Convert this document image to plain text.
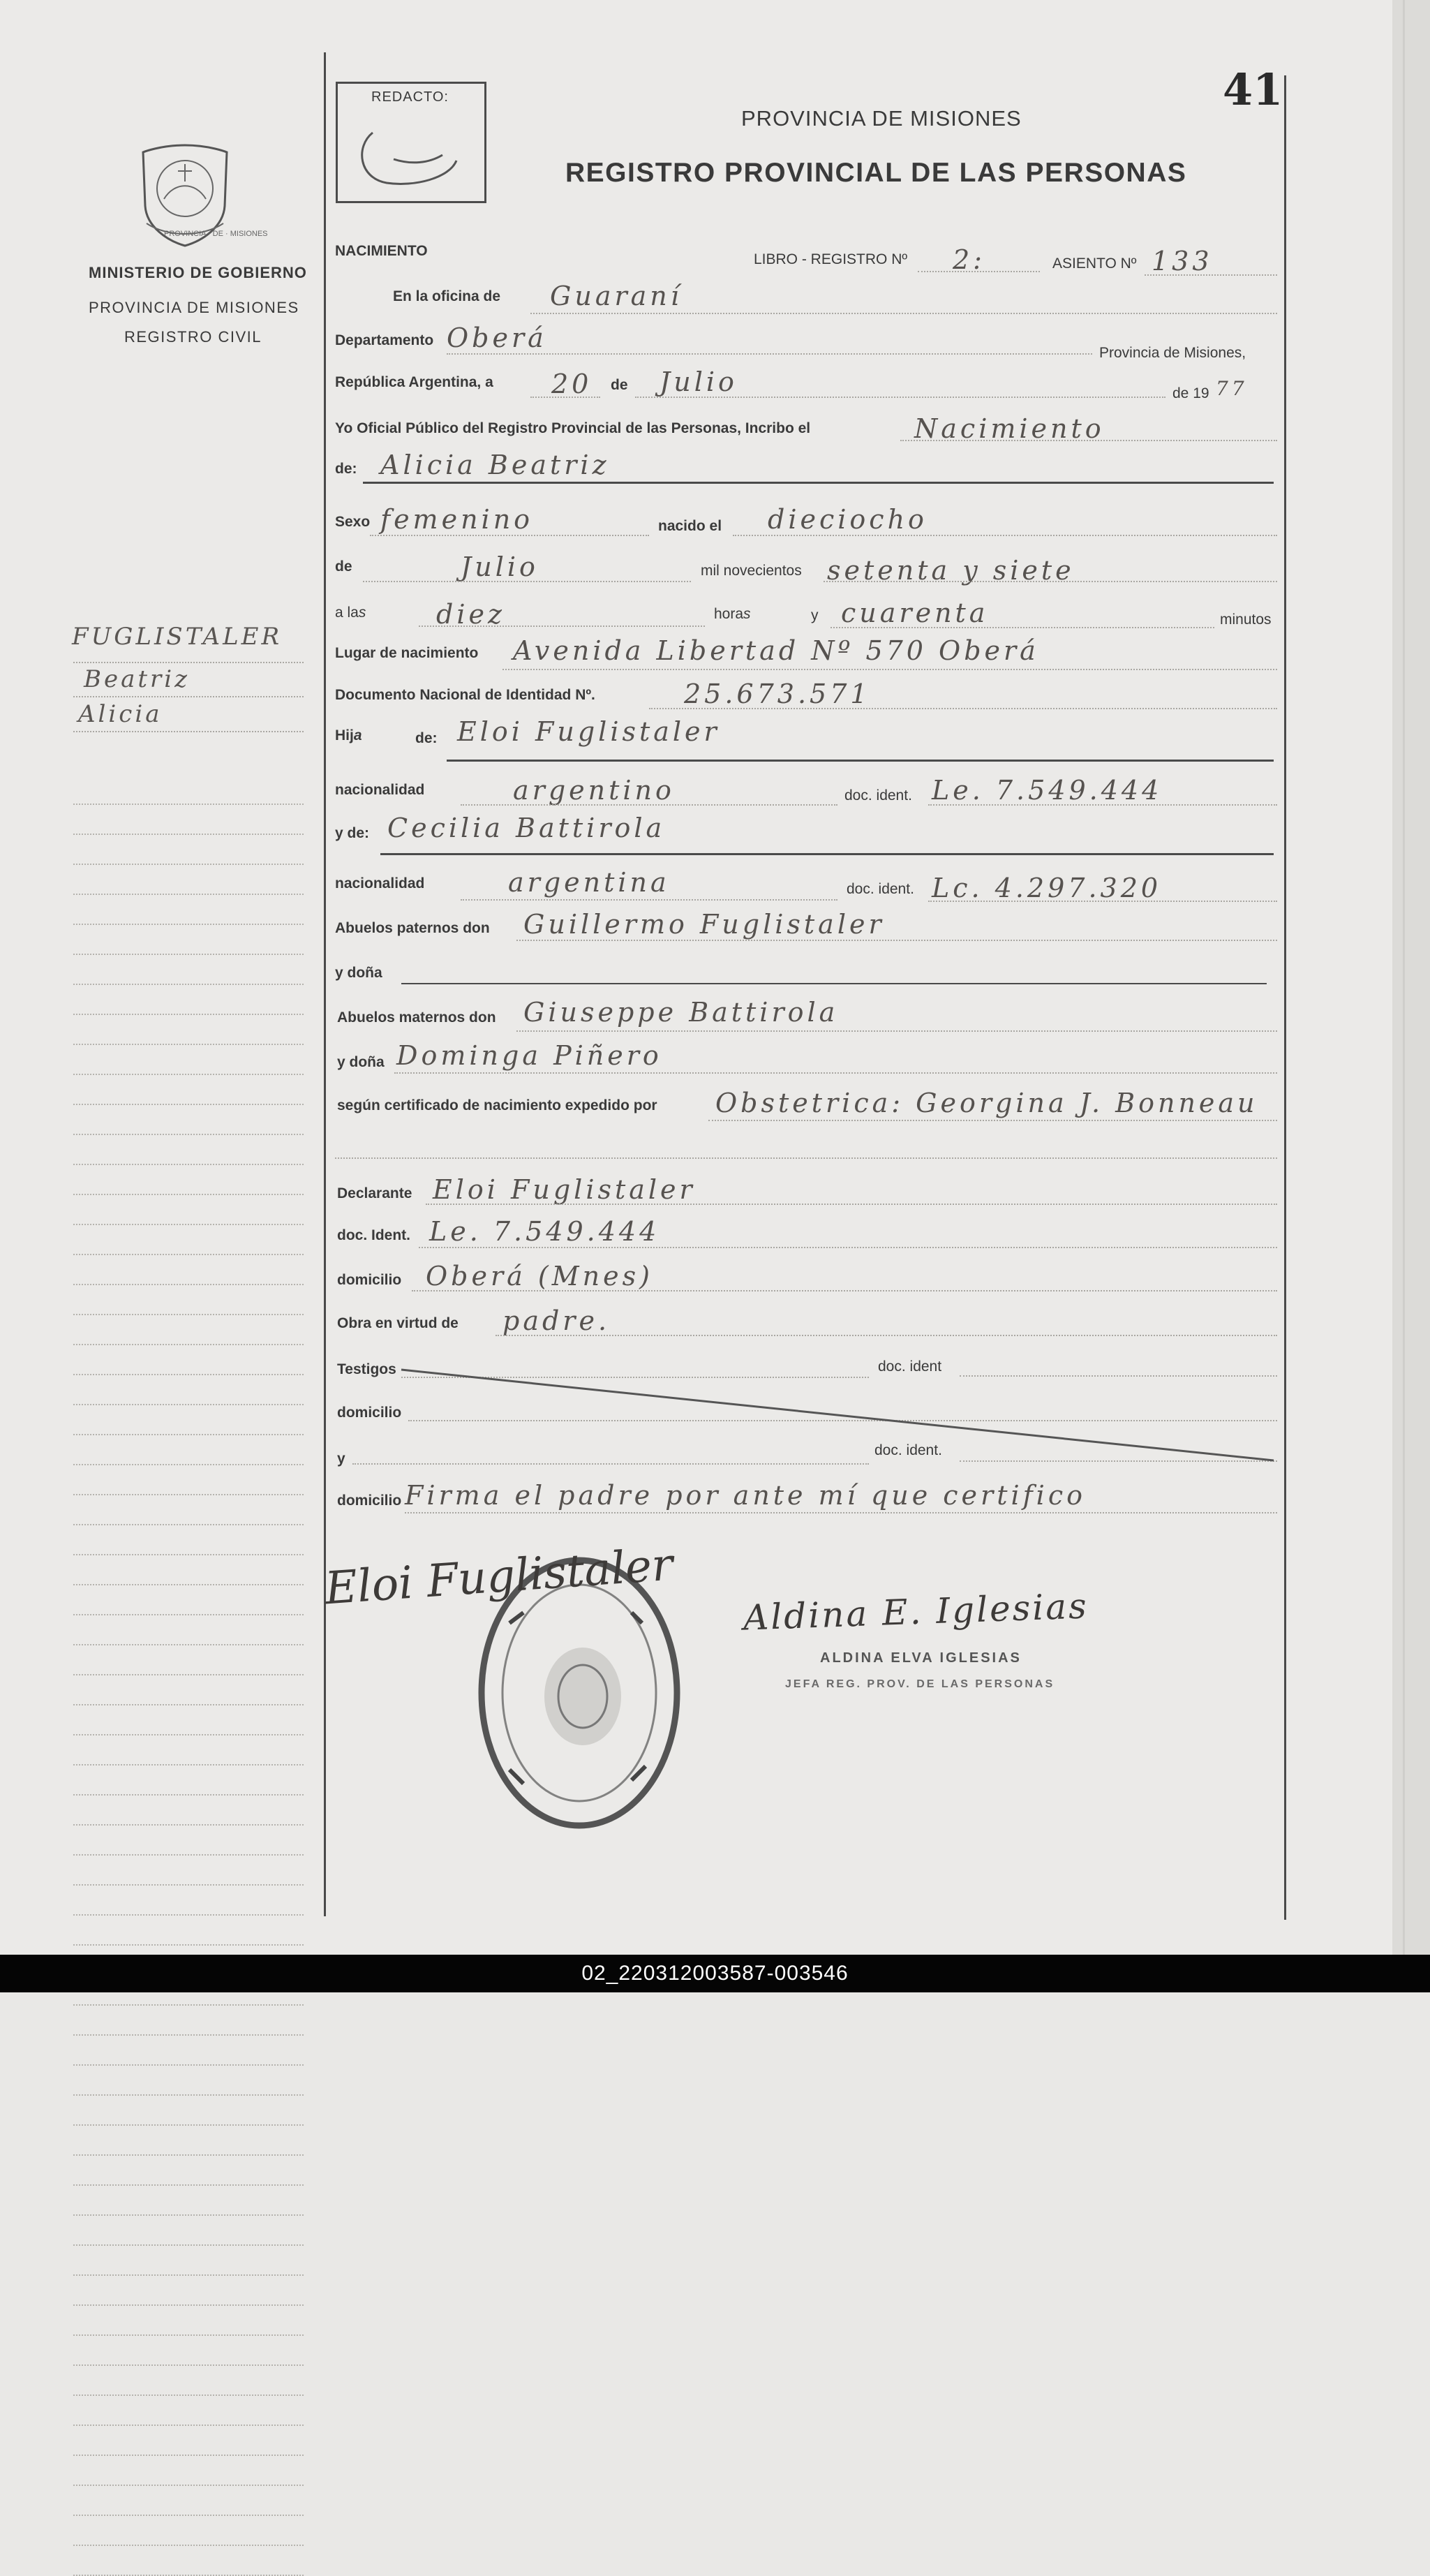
41
REDACTO:
PROVINCIA DE MISIONES
REGISTRO PROVINCIAL DE LAS PERSONAS
PROVINCIA · DE · MISIONES
MINISTERIO DE GOBIERNO
PROVINCIA DE MISIONES
REGISTRO CIVIL
FUGLISTALER
Beatriz
Alicia
NACIMIENTO
LIBRO - REGISTRO Nº 2:	ASIENTO Nº 133
En la oficina de Guaraní
Departamento Oberá	Provincia de Misiones,
República Argentina, a 20 de Julio	de 19 77
Yo Oficial Público del Registro Provincial de las Personas, Incribo el	Nacimiento
de: Alicia Beatriz
Sexo femenino	nacido el dieciocho
de	Julio	mil novecientos setenta y siete
a las	diez	horas	y cuarenta	minutos
Lugar de nacimiento Avenida Libertad Nº 570 Oberá
Documento Nacional de Identidad Nº.	25.673.571
Hija	de: Eloi Fuglistaler
nacionalidad	argentino	doc. ident. Le. 7.549.444
y de: Cecilia Battirola
nacionalidad	argentina	doc. ident. Lc. 4.297.320
Abuelos paternos don Guillermo Fuglistaler
y doña
Abuelos maternos don Giuseppe Battirola
y doña Dominga Piñero
según certificado de nacimiento expedido por Obstetrica: Georgina J. Bonneau
Declarante Eloi Fuglistaler
doc. Ident. Le. 7.549.444
domicilio Oberá (Mnes)
Obra en virtud de padre.
Testigos	doc. ident
domicilio
y
doc. ident.
domicilio Firma el padre por ante mí que certifico
Eloi Fuglistaler Aldina E. Iglesias
ALDINA ELVA IGLESIAS
JEFA REG. PROV. DE LAS PERSONAS
02_220312003587-003546
